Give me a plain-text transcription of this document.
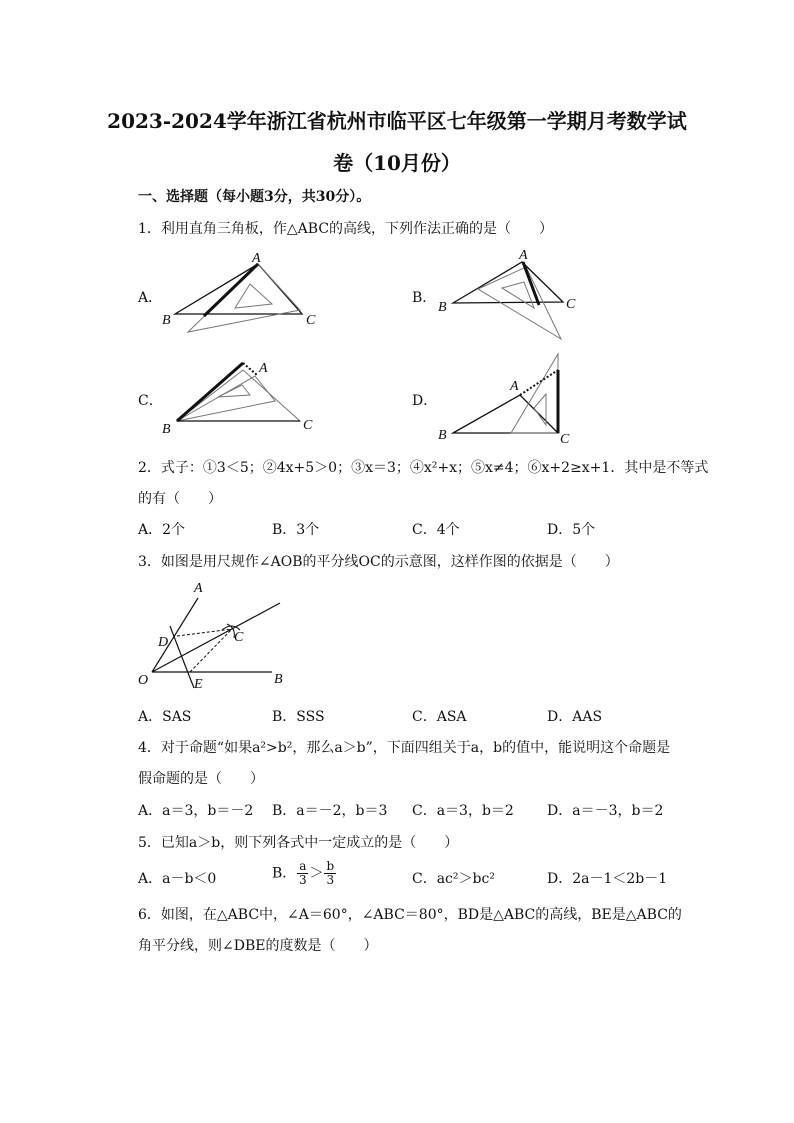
2023-2024学年浙江省杭州市临平区七年级第一学期月考数学试
卷（10月份）
一、选择题（每小题3分，共30分）。
1．利用直角三角板，作△ABC的高线，下列作法正确的是（　　）
A．
A
B	C
B．
A
B	C
C．
A
B	C
D．
A
B	C
2．式子：①3＜5；②4x+5＞0；③x＝3；④x²+x；⑤x≠4；⑥x+2≥x+1．其中是不等式
的有（　　）
A．2个	B．3个	C．4个	D．5个
3．如图是用尺规作∠AOB的平分线OC的示意图，这样作图的依据是（　　）
A
B
C
D
E
O
A．SAS	B．SSS	C．ASA	D．AAS
4．对于命题“如果a²>b²，那么a＞b”，下面四组关于a，b的值中，能说明这个命题是
假命题的是（　　）
A．a＝3，b＝－2 B．a＝－2，b＝3 C．a＝3，b＝2 D．a＝－3，b＝2
5．已知a＞b，则下列各式中一定成立的是（　　）
A．a－b＜0	B． $\frac{a}{3} > \frac{b}{3}$	C．ac²＞bc²	D．2a－1＜2b－1
6．如图，在△ABC中，∠A＝60°，∠ABC＝80°，BD是△ABC的高线，BE是△ABC的
角平分线，则∠DBE的度数是（　　）
